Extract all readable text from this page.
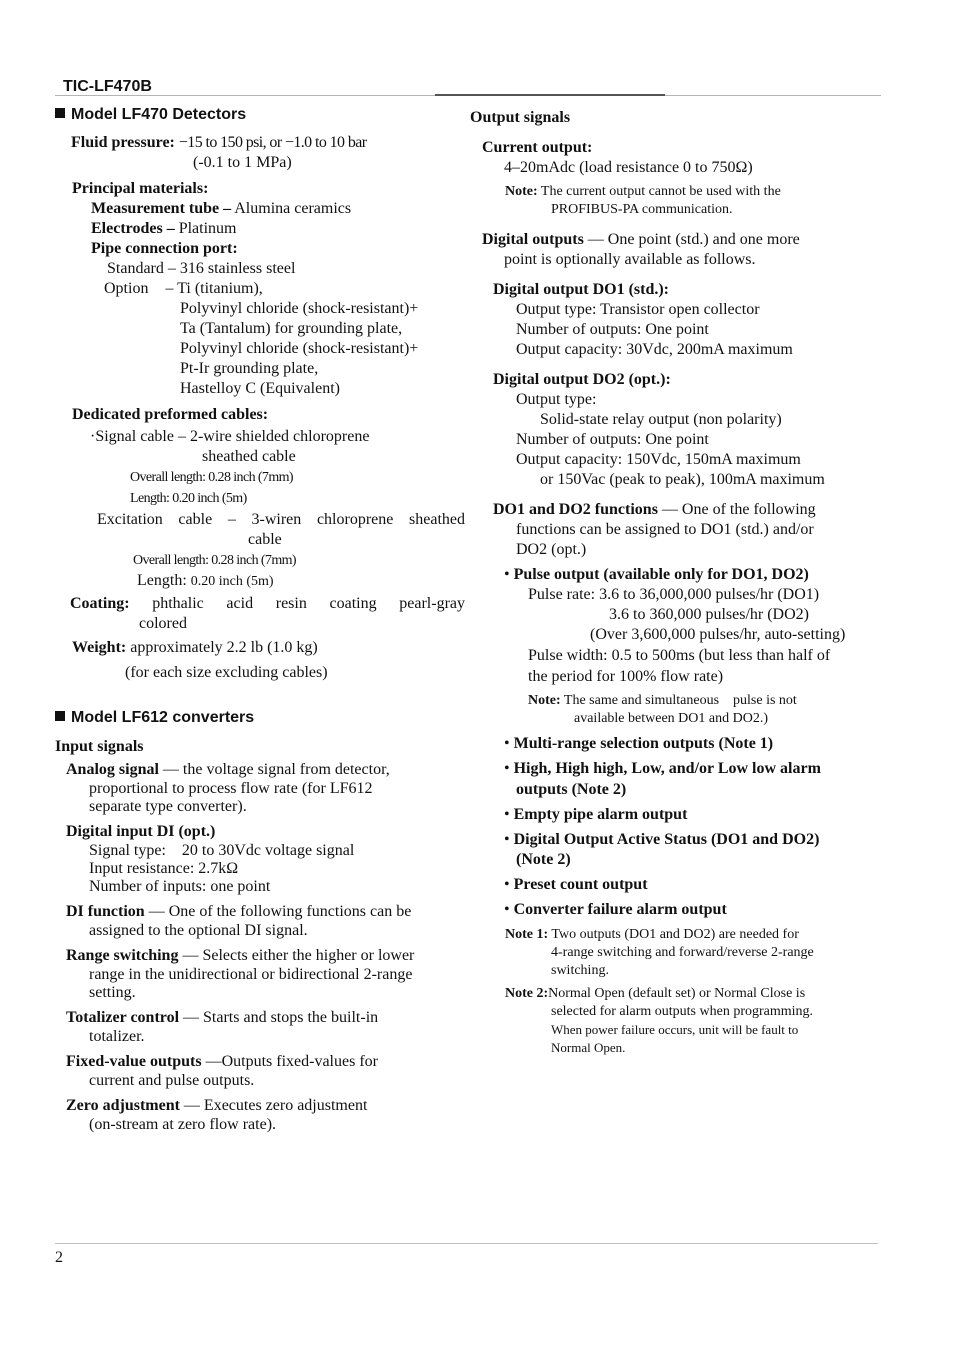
TIC-LF470B
Model LF470 Detectors
Fluid pressure: −15 to 150 psi, or −1.0 to 10 bar
(-0.1 to 1 MPa)
Principal materials:
Measurement tube – Alumina ceramics
Electrodes – Platinum
Pipe connection port:
Standard – 316 stainless steel
Option – Ti (titanium),
Polyvinyl chloride (shock-resistant)+
Ta (Tantalum) for grounding plate,
Polyvinyl chloride (shock-resistant)+
Pt-Ir grounding plate,
Hastelloy C (Equivalent)
Dedicated preformed cables:
·Signal cable – 2-wire shielded chloroprene
sheathed cable
Overall length: 0.28 inch (7mm)
Length: 0.20 inch (5m)
Excitation cable – 3-wiren chloroprene sheathed
cable
Overall length: 0.28 inch (7mm)
Length: 0.20 inch (5m)
Coating: phthalic acid resin coating pearl-gray
colored
Weight: approximately 2.2 lb (1.0 kg)
(for each size excluding cables)
Model LF612 converters
Input signals
Analog signal — the voltage signal from detector,
proportional to process flow rate (for LF612
separate type converter).
Digital input DI (opt.)
Signal type:    20 to 30Vdc voltage signal
Input resistance: 2.7kΩ
Number of inputs: one point
DI function — One of the following functions can be
assigned to the optional DI signal.
Range switching — Selects either the higher or lower
range in the unidirectional or bidirectional 2-range
setting.
Totalizer control — Starts and stops the built-in
totalizer.
Fixed-value outputs —Outputs fixed-values for
current and pulse outputs.
Zero adjustment — Executes zero adjustment
(on-stream at zero flow rate).
Output signals
Current output:
4–20mAdc (load resistance 0 to 750Ω)
Note: The current output cannot be used with the
PROFIBUS-PA communication.
Digital outputs — One point (std.) and one more
point is optionally available as follows.
Digital output DO1 (std.):
Output type: Transistor open collector
Number of outputs: One point
Output capacity: 30Vdc, 200mA maximum
Digital output DO2 (opt.):
Output type:
Solid-state relay output (non polarity)
Number of outputs: One point
Output capacity: 150Vdc, 150mA maximum
or 150Vac (peak to peak), 100mA maximum
DO1 and DO2 functions — One of the following
functions can be assigned to DO1 (std.) and/or
DO2 (opt.)
• Pulse output (available only for DO1, DO2)
Pulse rate: 3.6 to 36,000,000 pulses/hr (DO1)
3.6 to 360,000 pulses/hr (DO2)
(Over 3,600,000 pulses/hr, auto-setting)
Pulse width: 0.5 to 500ms (but less than half of
the period for 100% flow rate)
Note: The same and simultaneous    pulse is not
available between DO1 and DO2.)
• Multi-range selection outputs (Note 1)
• High, High high, Low, and/or Low low alarm
outputs (Note 2)
• Empty pipe alarm output
• Digital Output Active Status (DO1 and DO2)
(Note 2)
• Preset count output
• Converter failure alarm output
Note 1: Two outputs (DO1 and DO2) are needed for
4-range switching and forward/reverse 2-range
switching.
Note 2:Normal Open (default set) or Normal Close is
selected for alarm outputs when programming.
When power failure occurs, unit will be fault to
Normal Open.
2
